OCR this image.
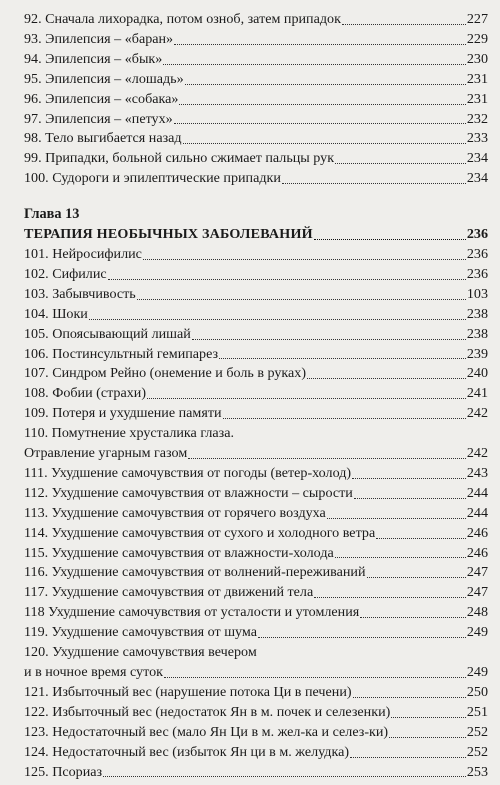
92. Сначала лихорадка, потом озноб, затем припадок	227
93. Эпилепсия – «баран»	229
94. Эпилепсия – «бык»	230
95. Эпилепсия – «лошадь»	231
96. Эпилепсия – «собака»	231
97. Эпилепсия – «петух»	232
98. Тело выгибается назад	233
99. Припадки, больной сильно сжимает пальцы рук	234
100. Судороги и эпилептические припадки	234
Глава 13
ТЕРАПИЯ НЕОБЫЧНЫХ ЗАБОЛЕВАНИЙ	236
101. Нейросифилис	236
102. Сифилис	236
103. Забывчивость	103
104. Шоки	238
105. Опоясывающий лишай	238
106. Постинсультный гемипарез	239
107. Синдром Рейно (онемение и боль в руках)	240
108. Фобии (страхи)	241
109. Потеря и ухудшение памяти	242
110. Помутнение хрусталика глаза.
Отравление угарным газом	242
111. Ухудшение самочувствия от погоды (ветер-холод)	243
112. Ухудшение самочувствия от влажности – сырости	244
113. Ухудшение самочувствия от горячего воздуха	244
114. Ухудшение самочувствия от сухого и холодного ветра	246
115. Ухудшение самочувствия от влажности-холода	246
116. Ухудшение самочувствия от волнений-переживаний	247
117. Ухудшение самочувствия от движений тела	247
118 Ухудшение самочувствия от усталости и утомления	248
119. Ухудшение самочувствия от шума	249
120. Ухудшение самочувствия вечером
и в ночное время суток	249
121. Избыточный вес (нарушение потока Ци в печени)	250
122. Избыточный вес (недостаток Ян в м. почек и селезенки)	251
123. Недостаточный вес (мало Ян Ци в м. жел-ка и селез-ки)	252
124. Недостаточный вес (избыток Ян ци в м. желудка)	252
125. Псориаз	253
